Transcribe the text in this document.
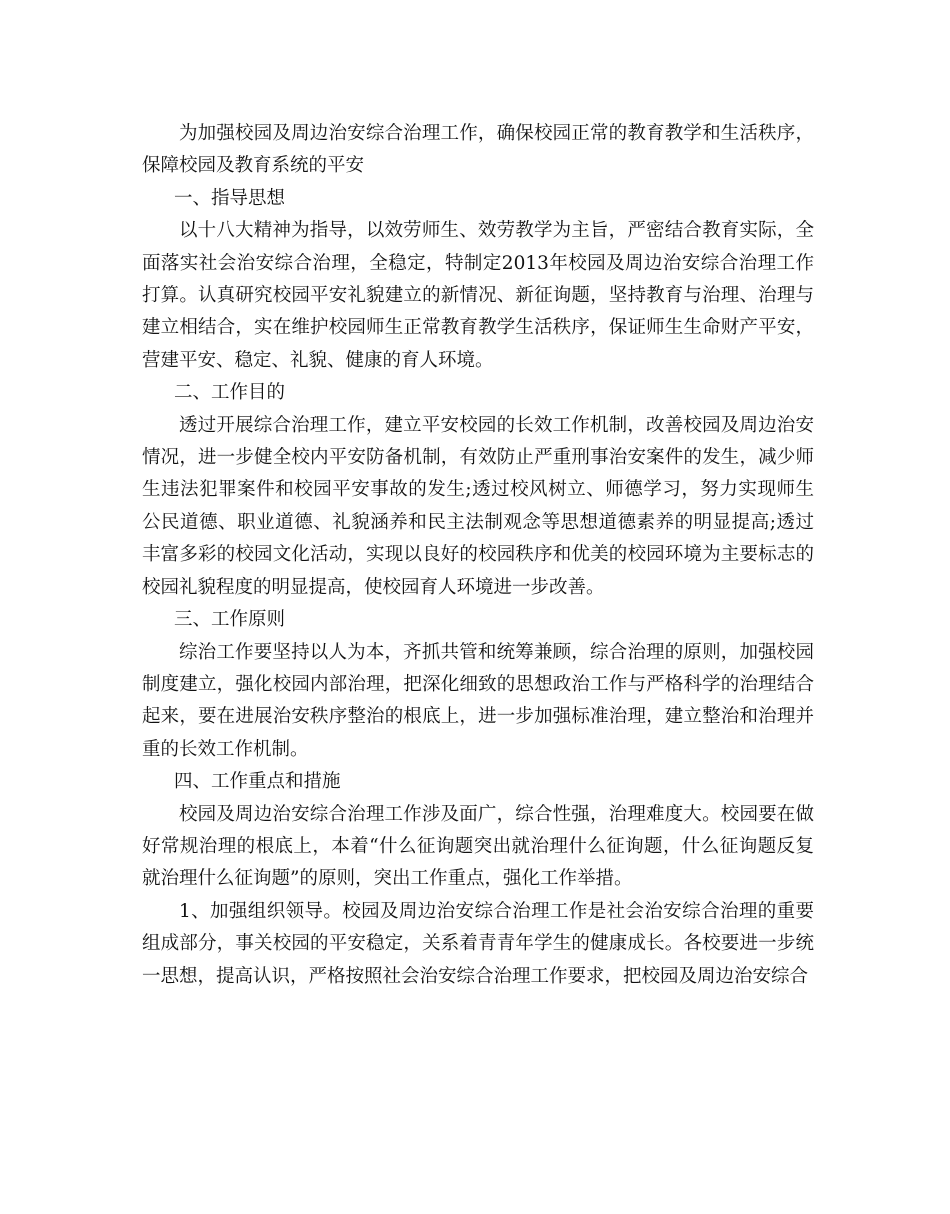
为加强校园及周边治安综合治理工作，确保校园正常的教育教学和生活秩序，保障校园及教育系统的平安

一、指导思想

以十八大精神为指导，以效劳师生、效劳教学为主旨，严密结合教育实际，全面落实社会治安综合治理，全稳定，特制定2013年校园及周边治安综合治理工作打算。认真研究校园平安礼貌建立的新情况、新征询题，坚持教育与治理、治理与建立相结合，实在维护校园师生正常教育教学生活秩序，保证师生生命财产平安，营建平安、稳定、礼貌、健康的育人环境。

二、工作目的

透过开展综合治理工作，建立平安校园的长效工作机制，改善校园及周边治安情况，进一步健全校内平安防备机制，有效防止严重刑事治安案件的发生，减少师生违法犯罪案件和校园平安事故的发生;透过校风树立、师德学习，努力实现师生公民道德、职业道德、礼貌涵养和民主法制观念等思想道德素养的明显提高;透过丰富多彩的校园文化活动，实现以良好的校园秩序和优美的校园环境为主要标志的校园礼貌程度的明显提高，使校园育人环境进一步改善。

三、工作原则

综治工作要坚持以人为本，齐抓共管和统筹兼顾，综合治理的原则，加强校园制度建立，强化校园内部治理，把深化细致的思想政治工作与严格科学的治理结合起来，要在进展治安秩序整治的根底上，进一步加强标准治理，建立整治和治理并重的长效工作机制。

四、工作重点和措施

校园及周边治安综合治理工作涉及面广，综合性强，治理难度大。校园要在做好常规治理的根底上，本着“什么征询题突出就治理什么征询题，什么征询题反复就治理什么征询题”的原则，突出工作重点，强化工作举措。

1、加强组织领导。校园及周边治安综合治理工作是社会治安综合治理的重要组成部分，事关校园的平安稳定，关系着青青年学生的健康成长。各校要进一步统一思想，提高认识，严格按照社会治安综合治理工作要求，把校园及周边治安综合
